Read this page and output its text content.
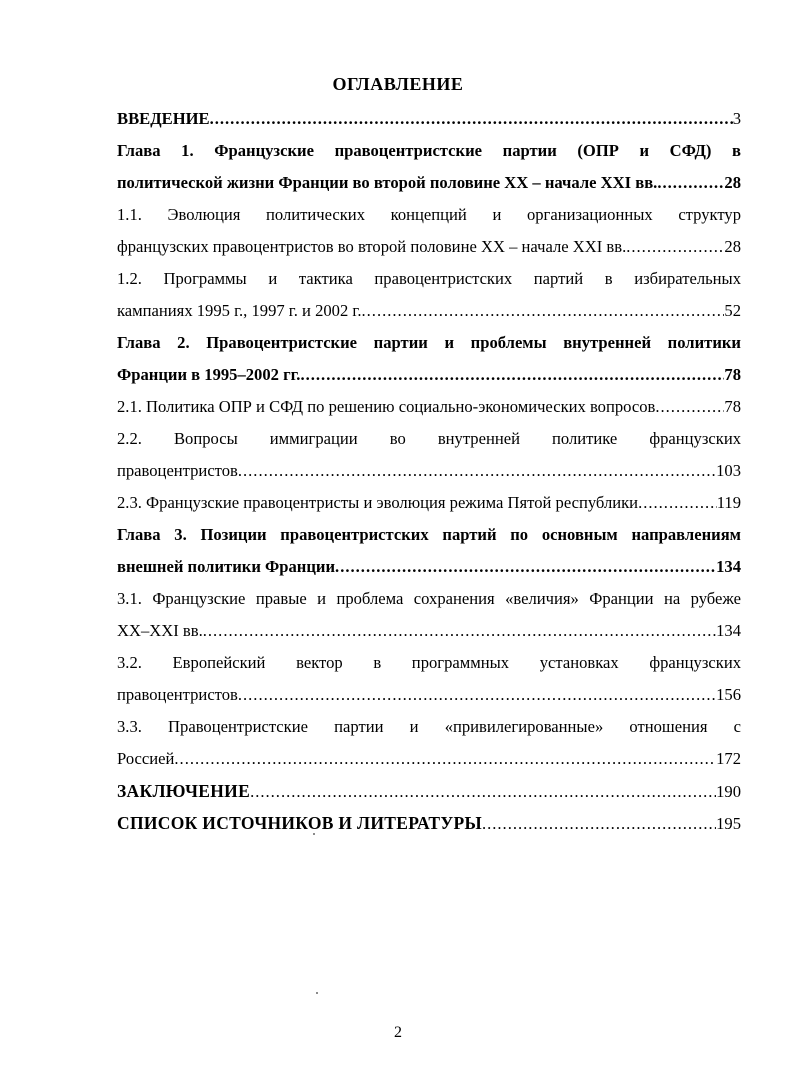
ОГЛАВЛЕНИЕ
ВВЕДЕНИЕ .....	3
Глава 1. Французские правоцентристские партии (ОПР и СФД) в
политической жизни Франции во второй половине XX – начале XXI вв. .....	28
1.1. Эволюция политических концепций и организационных структур
французских правоцентристов во второй половине XX – начале XXI вв. .....	28
1.2. Программы и тактика правоцентристских партий в избирательных
кампаниях 1995 г., 1997 г. и 2002 г. .....	52
Глава 2. Правоцентристские партии и проблемы внутренней политики
Франции в 1995–2002 гг. .....	78
2.1. Политика ОПР и СФД по решению социально-экономических вопросов .....	78
2.2. Вопросы иммиграции во внутренней политике французских
правоцентристов .....	103
2.3. Французские правоцентристы и эволюция режима Пятой республики .....	119
Глава 3. Позиции правоцентристских партий по основным направлениям
внешней политики Франции .....	134
3.1. Французские правые и проблема сохранения «величия» Франции на рубеже
XX–XXI вв. .....	134
3.2. Европейский вектор в программных установках французских
правоцентристов .....	156
3.3. Правоцентристские партии и «привилегированные» отношения с
Россией .....	172
ЗАКЛЮЧЕНИЕ .....	190
СПИСОК ИСТОЧНИКОВ И ЛИТЕРАТУРЫ .....	195
2
